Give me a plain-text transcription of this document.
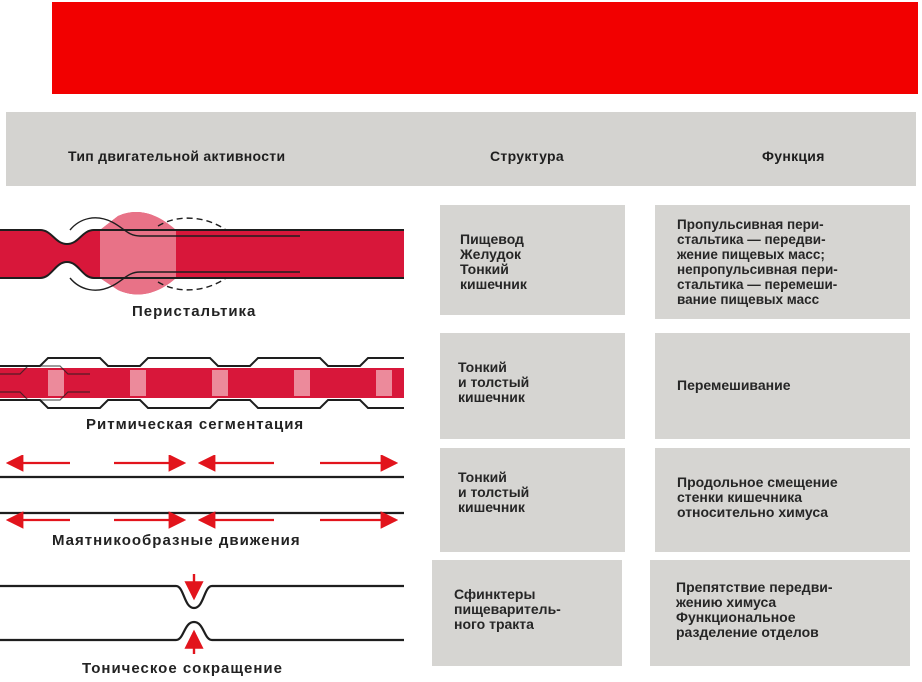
Тип двигательной активности	Структура	Функция
Перистальтика
Пищевод
Желудок
Тонкий
кишечник
Пропульсивная пери-
стальтика — передви-
жение пищевых масс;
непропульсивная пери-
стальтика — перемеши-
вание пищевых масс
Ритмическая сегментация
Тонкий
и толстый
кишечник
Перемешивание
Маятникообразные движения
Тонкий
и толстый
кишечник
Продольное смещение
стенки кишечника
относительно химуса
Тоническое сокращение
Сфинктеры
пищеваритель-
ного тракта
Препятствие передви-
жению химуса
Функциональное
разделение отделов
